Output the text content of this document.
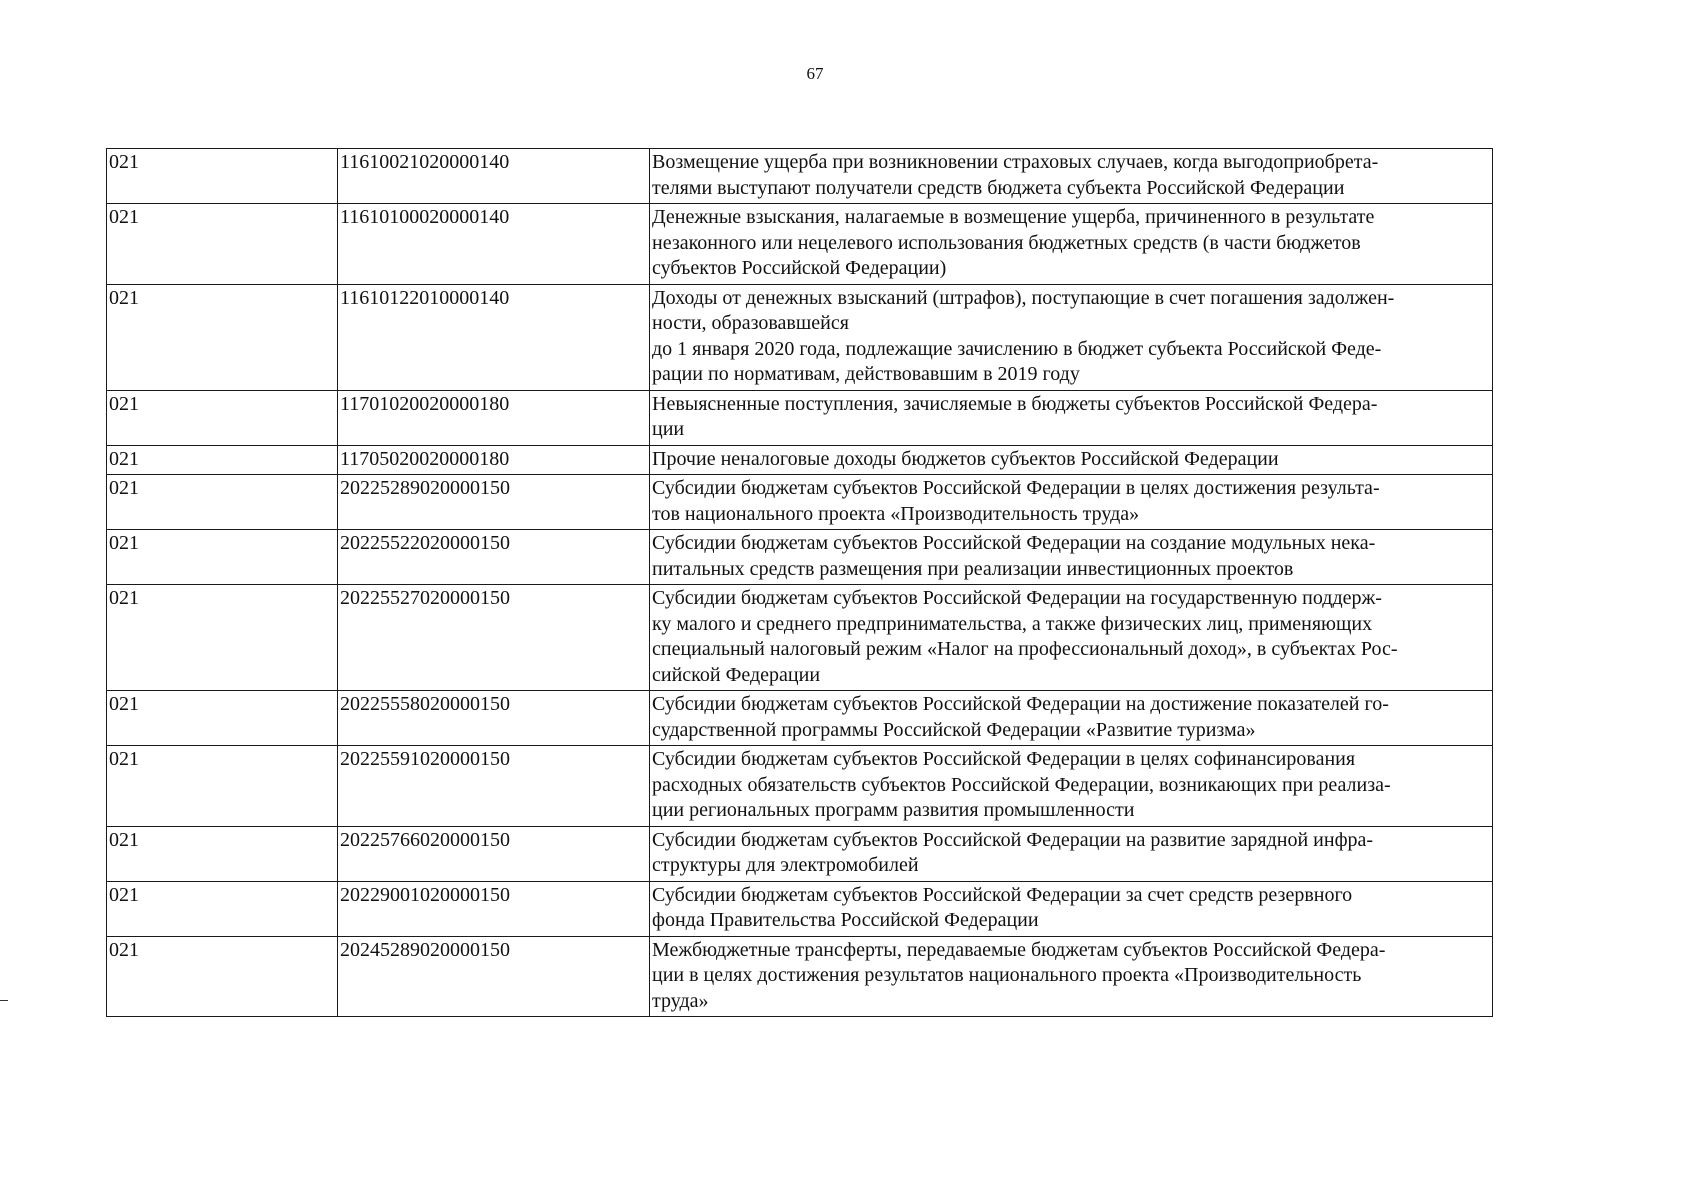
67
021	11610021020000140	Возмещение ущерба при возникновении страховых случаев, когда выгодоприобрета-
телями выступают получатели средств бюджета субъекта Российской Федерации
021	11610100020000140	Денежные взыскания, налагаемые в возмещение ущерба, причиненного в результате
незаконного или нецелевого использования бюджетных средств (в части бюджетов
субъектов Российской Федерации)
021	11610122010000140	Доходы от денежных взысканий (штрафов), поступающие в счет погашения задолжен-
ности, образовавшейся
до 1 января 2020 года, подлежащие зачислению в бюджет субъекта Российской Феде-
рации по нормативам, действовавшим в 2019 году
021	11701020020000180	Невыясненные поступления, зачисляемые в бюджеты субъектов Российской Федера-
ции
021	11705020020000180	Прочие неналоговые доходы бюджетов субъектов Российской Федерации
021	20225289020000150	Субсидии бюджетам субъектов Российской Федерации в целях достижения результа-
тов национального проекта «Производительность труда»
021	20225522020000150	Субсидии бюджетам субъектов Российской Федерации на создание модульных нека-
питальных средств размещения при реализации инвестиционных проектов
021	20225527020000150	Субсидии бюджетам субъектов Российской Федерации на государственную поддерж-
ку малого и среднего предпринимательства, а также физических лиц, применяющих
специальный налоговый режим «Налог на профессиональный доход», в субъектах Рос-
сийской Федерации
021	20225558020000150	Субсидии бюджетам субъектов Российской Федерации на достижение показателей го-
сударственной программы Российской Федерации «Развитие туризма»
021	20225591020000150	Субсидии бюджетам субъектов Российской Федерации в целях софинансирования
расходных обязательств субъектов Российской Федерации, возникающих при реализа-
ции региональных программ развития промышленности
021	20225766020000150	Субсидии бюджетам субъектов Российской Федерации на развитие зарядной инфра-
структуры для электромобилей
021	20229001020000150	Субсидии бюджетам субъектов Российской Федерации за счет средств резервного
фонда Правительства Российской Федерации
021	20245289020000150	Межбюджетные трансферты, передаваемые бюджетам субъектов Российской Федера-
ции в целях достижения результатов национального проекта «Производительность
труда»
